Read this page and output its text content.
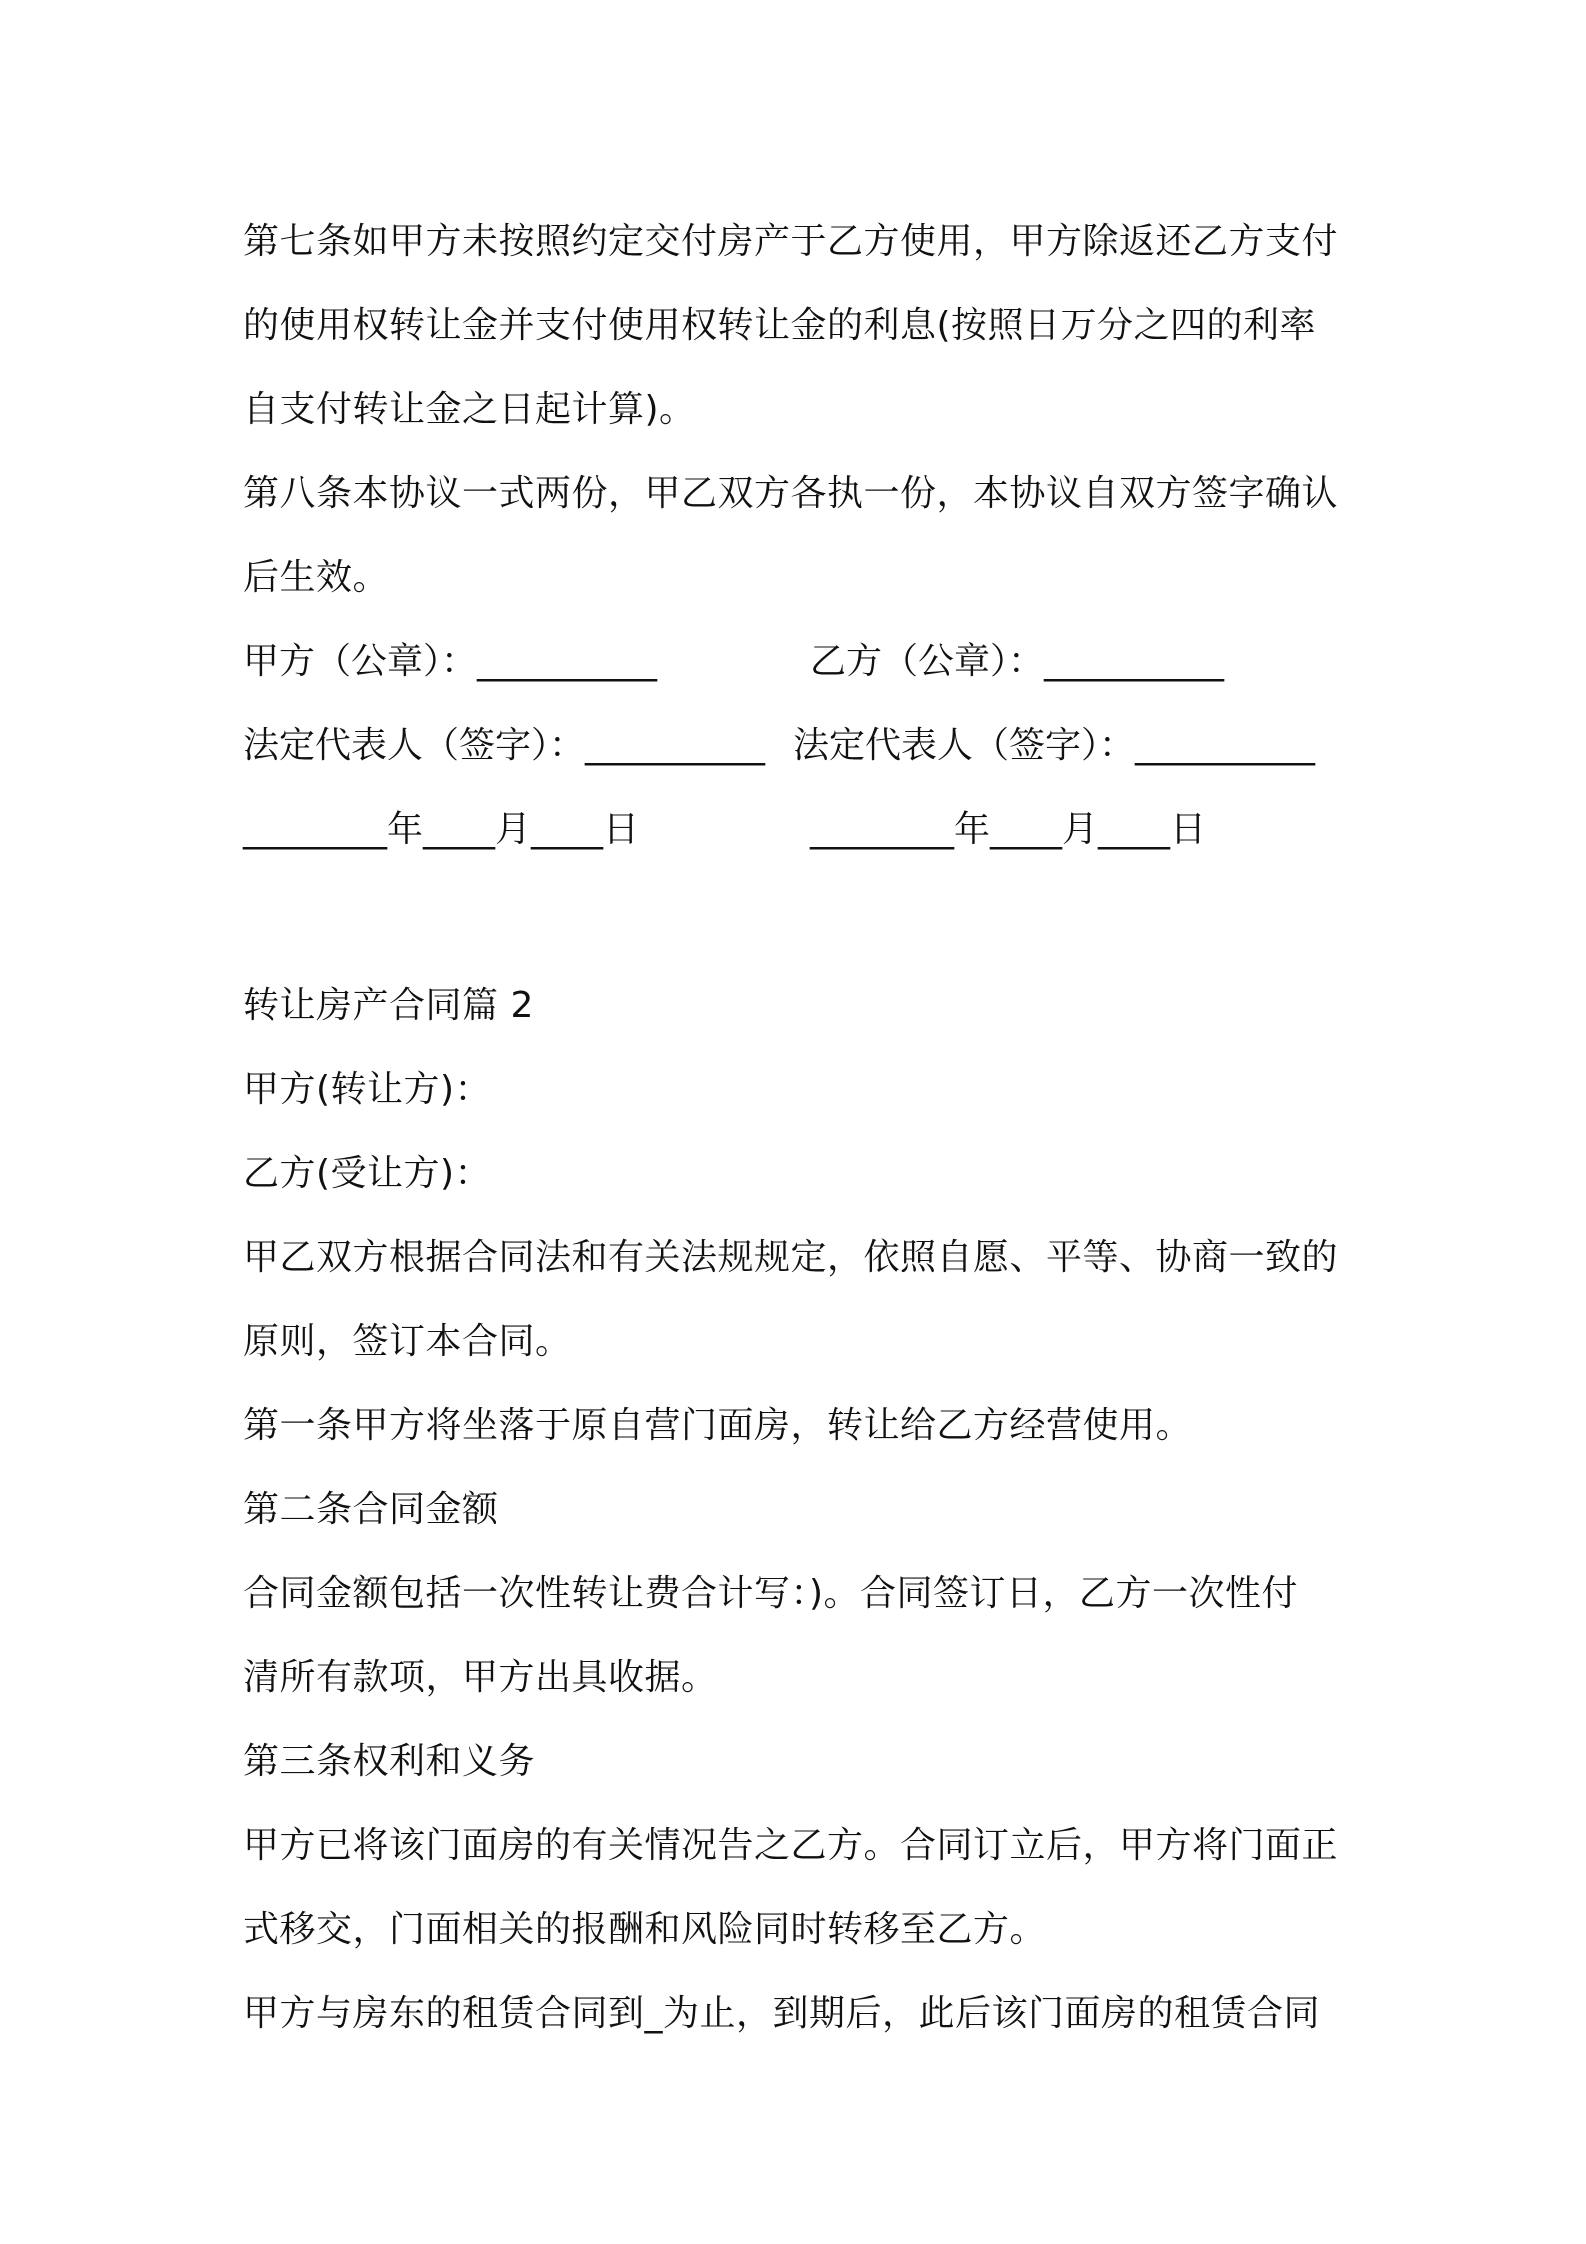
第七条如甲方未按照约定交付房产于乙方使用，甲方除返还乙方支付
的使用权转让金并支付使用权转让金的利息(按照日万分之四的利率
自支付转让金之日起计算)。
第八条本协议一式两份，甲乙双方各执一份，本协议自双方签字确认
后生效。
甲方（公章）：__________	乙方（公章）：__________
法定代表人（签字）：__________ 法定代表人（签字）：__________
________年____月____日	________年____月____日
转让房产合同篇 2
甲方(转让方)：
乙方(受让方)：
甲乙双方根据合同法和有关法规规定，依照自愿、平等、协商一致的
原则，签订本合同。
第一条甲方将坐落于原自营门面房，转让给乙方经营使用。
第二条合同金额
合同金额包括一次性转让费合计写：)。合同签订日，乙方一次性付
清所有款项，甲方出具收据。
第三条权利和义务
甲方已将该门面房的有关情况告之乙方。合同订立后，甲方将门面正
式移交，门面相关的报酬和风险同时转移至乙方。
甲方与房东的租赁合同到_为止，到期后，此后该门面房的租赁合同
